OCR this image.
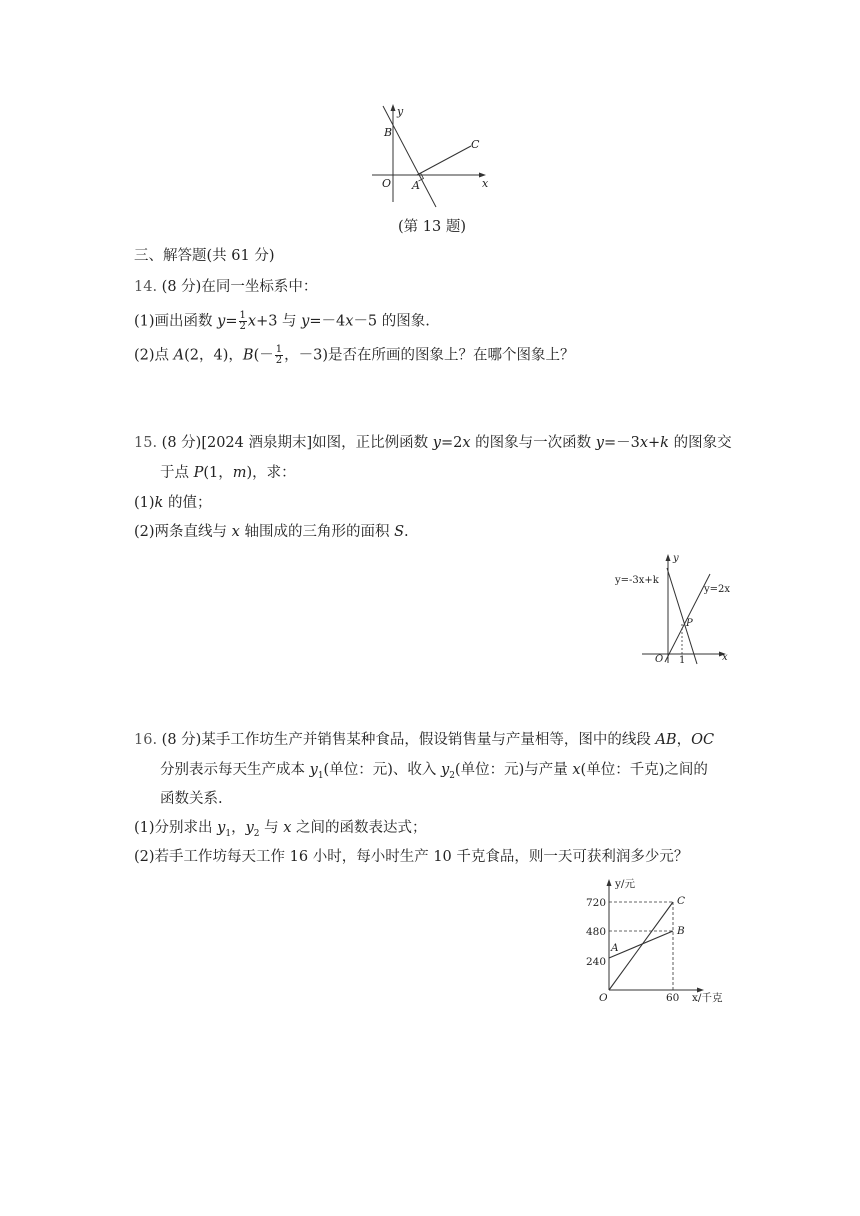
y
B
C
O A	x
(第 13 题)
三、解答题(共 61 分)
14. (8 分)在同一坐标系中：
(1)画出函数 $y= \frac{1}{2} x+3$ 与 y=－4x－5 的图象.
(2)点 A(2，4)，$B(- \frac{1}{2}$ ，－3)是否在所画的图象上？在哪个图象上？
15. (8 分)[2024 酒泉期末]如图，正比例函数 y=2x 的图象与一次函数 y=－3x+k 的图象交
于点 P(1，m)，求：
(1)k 的值；
(2)两条直线与 x 轴围成的三角形的面积 S.
y
y=-3x+k
y=2x
P
O 1	x
16. (8 分)某手工作坊生产并销售某种食品，假设销售量与产量相等，图中的线段 AB，OC
分别表示每天生产成本 $y_1$(单位：元)、收入 $y_2$(单位：元)与产量 x(单位：千克)之间的
函数关系.
(1)分别求出 $y_1$，$y_2$ 与 x 之间的函数表达式；
(2)若手工作坊每天工作 16 小时，每小时生产 10 千克食品，则一天可获利润多少元？
y/元
720
480
240
A
B
C
O	60 x/千克
